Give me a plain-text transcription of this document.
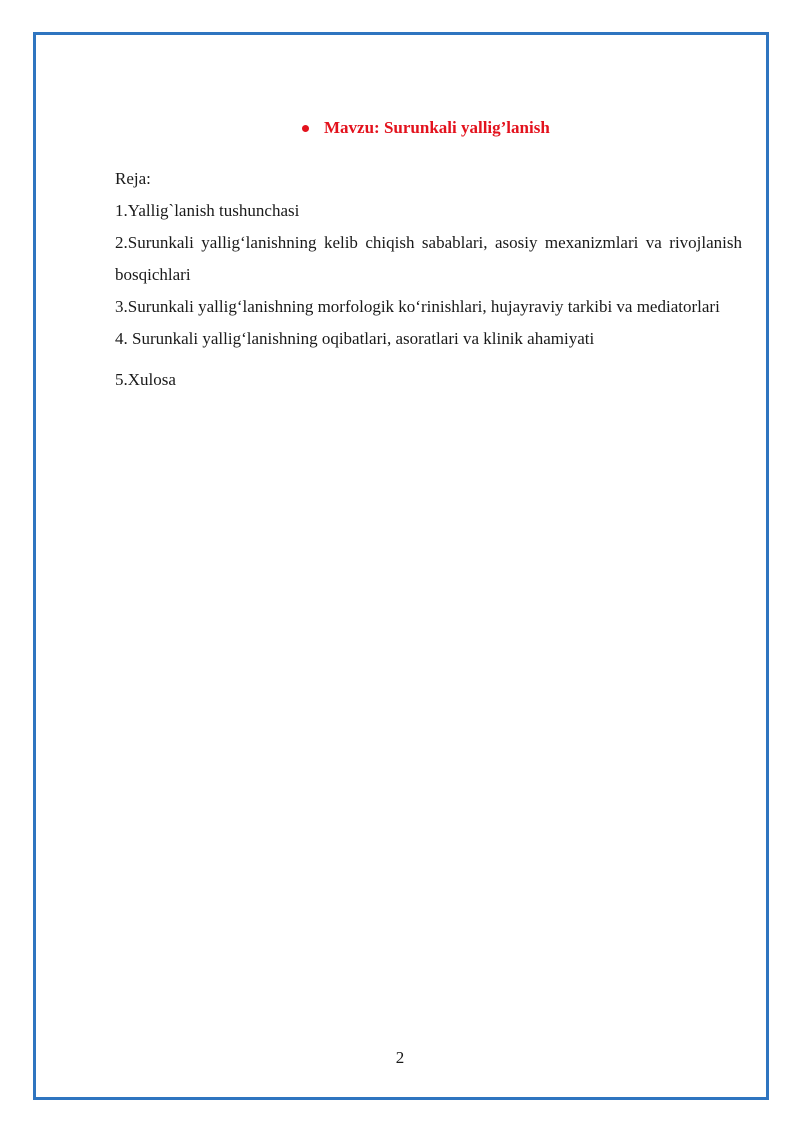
Mavzu: Surunkali yallig’lanish

Reja:

1.Yallig`lanish tushunchasi

2.Surunkali yallig‘lanishning kelib chiqish sabablari, asosiy mexanizmlari va rivojlanish bosqichlari

3.Surunkali yallig‘lanishning morfologik ko‘rinishlari, hujayraviy tarkibi va mediatorlari

4. Surunkali yallig‘lanishning oqibatlari, asoratlari va klinik ahamiyati

5.Xulosa

2
